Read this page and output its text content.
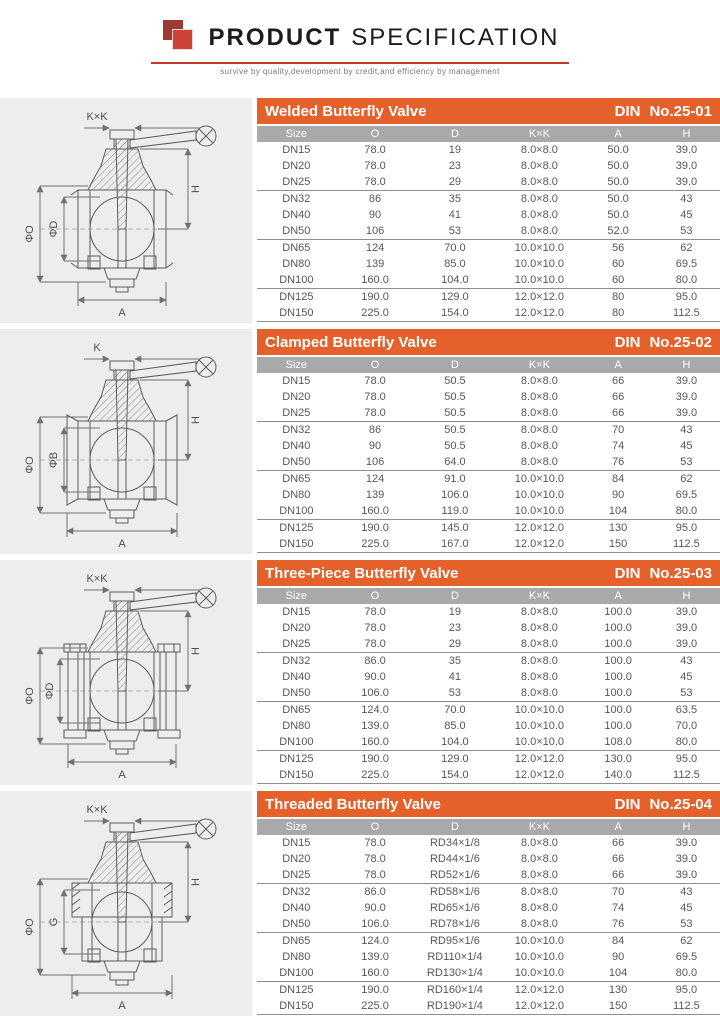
PRODUCT SPECIFICATION
survive by quality,development by credit,and efficiency by management
ΦO ΦD
H
K×K
A
Welded Butterfly Valve	DIN No.25-01
Size	O	D	K×K	A	H
DN15	78.0	19	8.0×8.0	50.0	39.0
DN20	78.0	23	8.0×8.0	50.0	39.0
DN25	78.0	29	8.0×8.0	50.0	39.0
DN32	86	35	8.0×8.0	50.0	43
DN40	90	41	8.0×8.0	50.0	45
DN50	106	53	8.0×8.0	52.0	53
DN65	124	70.0	10.0×10.0	56	62
DN80	139	85.0	10.0×10.0	60	69.5
DN100	160.0	104.0	10.0×10.0	60	80.0
DN125	190.0	129.0	12.0×12.0	80	95.0
DN150	225.0	154.0	12.0×12.0	80	112.5
ΦO ΦB
H
K
A
Clamped Butterfly Valve	DIN No.25-02
Size	O	D	K×K	A	H
DN15	78.0	50.5	8.0×8.0	66	39.0
DN20	78.0	50.5	8.0×8.0	66	39.0
DN25	78.0	50.5	8.0×8.0	66	39.0
DN32	86	50.5	8.0×8.0	70	43
DN40	90	50.5	8.0×8.0	74	45
DN50	106	64.0	8.0×8.0	76	53
DN65	124	91.0	10.0×10.0	84	62
DN80	139	106.0	10.0×10.0	90	69.5
DN100	160.0	119.0	10.0×10.0	104	80.0
DN125	190.0	145.0	12.0×12.0	130	95.0
DN150	225.0	167.0	12.0×12.0	150	112.5
ΦO ΦD
H
K×K
A
Three-Piece Butterfly Valve	DIN No.25-03
Size	O	D	K×K	A	H
DN15	78.0	19	8.0×8.0	100.0	39.0
DN20	78.0	23	8.0×8.0	100.0	39.0
DN25	78.0	29	8.0×8.0	100.0	39.0
DN32	86.0	35	8.0×8.0	100.0	43
DN40	90.0	41	8.0×8.0	100.0	45
DN50	106.0	53	8.0×8.0	100.0	53
DN65	124.0	70.0	10.0×10.0	100.0	63.5
DN80	139.0	85.0	10.0×10.0	100.0	70.0
DN100	160.0	104.0	10.0×10.0	108.0	80.0
DN125	190.0	129.0	12.0×12.0	130.0	95.0
DN150	225.0	154.0	12.0×12.0	140.0	112.5
ΦO G
H
K×K
A
Threaded Butterfly Valve	DIN No.25-04
Size	O	D	K×K	A	H
DN15	78.0	RD34×1/8	8.0×8.0	66	39.0
DN20	78.0	RD44×1/6	8.0×8.0	66	39.0
DN25	78.0	RD52×1/6	8.0×8.0	66	39.0
DN32	86.0	RD58×1/6	8.0×8.0	70	43
DN40	90.0	RD65×1/6	8.0×8.0	74	45
DN50	106.0	RD78×1/6	8.0×8.0	76	53
DN65	124.0	RD95×1/6	10.0×10.0	84	62
DN80	139.0	RD110×1/4	10.0×10.0	90	69.5
DN100	160.0	RD130×1/4	10.0×10.0	104	80.0
DN125	190.0	RD160×1/4	12.0×12.0	130	95.0
DN150	225.0	RD190×1/4	12.0×12.0	150	112.5
